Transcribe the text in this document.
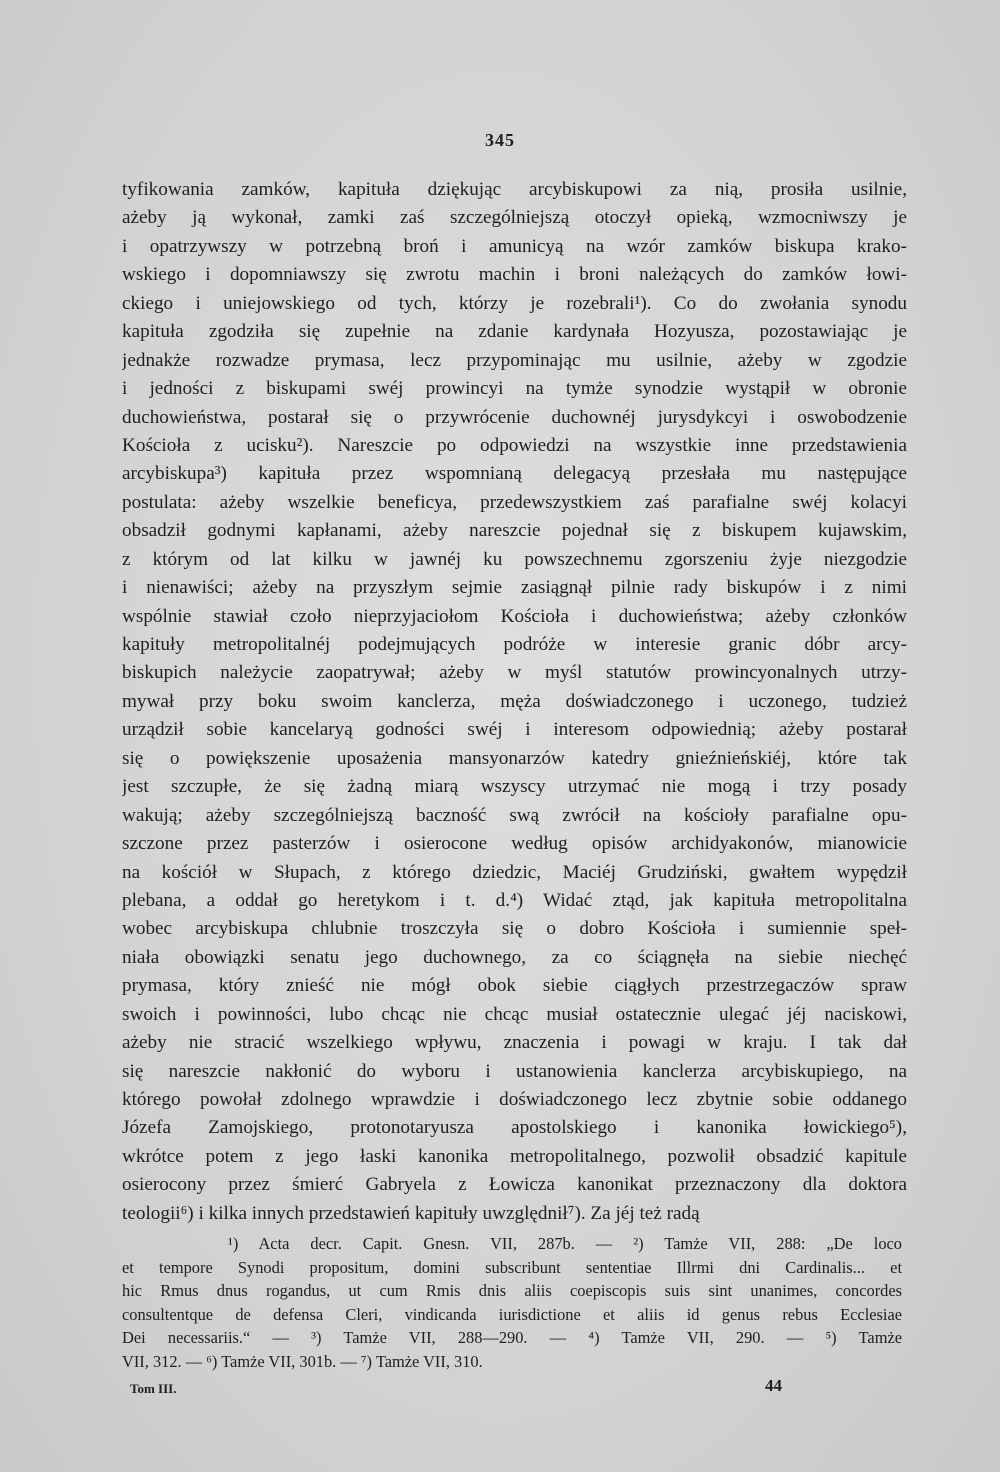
345
tyfikowania zamków, kapituła dziękując arcybiskupowi za nią, prosiła usilnie,
ażeby ją wykonał, zamki zaś szczególniejszą otoczył opieką, wzmocniwszy je
i opatrzywszy w potrzebną broń i amunicyą na wzór zamków biskupa krako-
wskiego i dopomniawszy się zwrotu machin i broni należących do zamków łowi-
ckiego i uniejowskiego od tych, którzy je rozebrali¹). Co do zwołania synodu
kapituła zgodziła się zupełnie na zdanie kardynała Hozyusza, pozostawiając je
jednakże rozwadze prymasa, lecz przypominając mu usilnie, ażeby w zgodzie
i jedności z biskupami swéj prowincyi na tymże synodzie wystąpił w obronie
duchowieństwa, postarał się o przywrócenie duchownéj jurysdykcyi i oswobodzenie
Kościoła z ucisku²). Nareszcie po odpowiedzi na wszystkie inne przedstawienia
arcybiskupa³) kapituła przez wspomnianą delegacyą przesłała mu następujące
postulata: ażeby wszelkie beneficya, przedewszystkiem zaś parafialne swéj kolacyi
obsadził godnymi kapłanami, ażeby nareszcie pojednał się z biskupem kujawskim,
z którym od lat kilku w jawnéj ku powszechnemu zgorszeniu żyje niezgodzie
i nienawiści; ażeby na przyszłym sejmie zasiągnął pilnie rady biskupów i z nimi
wspólnie stawiał czoło nieprzyjaciołom Kościoła i duchowieństwa; ażeby członków
kapituły metropolitalnéj podejmujących podróże w interesie granic dóbr arcy-
biskupich należycie zaopatrywał; ażeby w myśl statutów prowincyonalnych utrzy-
mywał przy boku swoim kanclerza, męża doświadczonego i uczonego, tudzież
urządził sobie kancelaryą godności swéj i interesom odpowiednią; ażeby postarał
się o powiększenie uposażenia mansyonarzów katedry gnieźnieńskiéj, które tak
jest szczupłe, że się żadną miarą wszyscy utrzymać nie mogą i trzy posady
wakują; ażeby szczególniejszą baczność swą zwrócił na kościoły parafialne opu-
szczone przez pasterzów i osierocone według opisów archidyakonów, mianowicie
na kościół w Słupach, z którego dziedzic, Maciéj Grudziński, gwałtem wypędził
plebana, a oddał go heretykom i t. d.⁴) Widać ztąd, jak kapituła metropolitalna
wobec arcybiskupa chlubnie troszczyła się o dobro Kościoła i sumiennie speł-
niała obowiązki senatu jego duchownego, za co ściągnęła na siebie niechęć
prymasa, który znieść nie mógł obok siebie ciągłych przestrzegaczów spraw
swoich i powinności, lubo chcąc nie chcąc musiał ostatecznie ulegać jéj naciskowi,
ażeby nie stracić wszelkiego wpływu, znaczenia i powagi w kraju. I tak dał
się nareszcie nakłonić do wyboru i ustanowienia kanclerza arcybiskupiego, na
którego powołał zdolnego wprawdzie i doświadczonego lecz zbytnie sobie oddanego
Józefa Zamojskiego, protonotaryusza apostolskiego i kanonika łowickiego⁵),
wkrótce potem z jego łaski kanonika metropolitalnego, pozwolił obsadzić kapitule
osierocony przez śmierć Gabryela z Łowicza kanonikat przeznaczony dla doktora
teologii⁶) i kilka innych przedstawień kapituły uwzględnił⁷). Za jéj też radą
¹) Acta decr. Capit. Gnesn. VII, 287b. — ²) Tamże VII, 288: „De loco
et tempore Synodi propositum, domini subscribunt sententiae Illrmi dni Cardinalis... et
hic Rmus dnus rogandus, ut cum Rmis dnis aliis coepiscopis suis sint unanimes, concordes
consultentque de defensa Cleri, vindicanda iurisdictione et aliis id genus rebus Ecclesiae
Dei necessariis.“ — ³) Tamże VII, 288—290. — ⁴) Tamże VII, 290. — ⁵) Tamże
VII, 312. — ⁶) Tamże VII, 301b. — ⁷) Tamże VII, 310.
Tom III.	44
